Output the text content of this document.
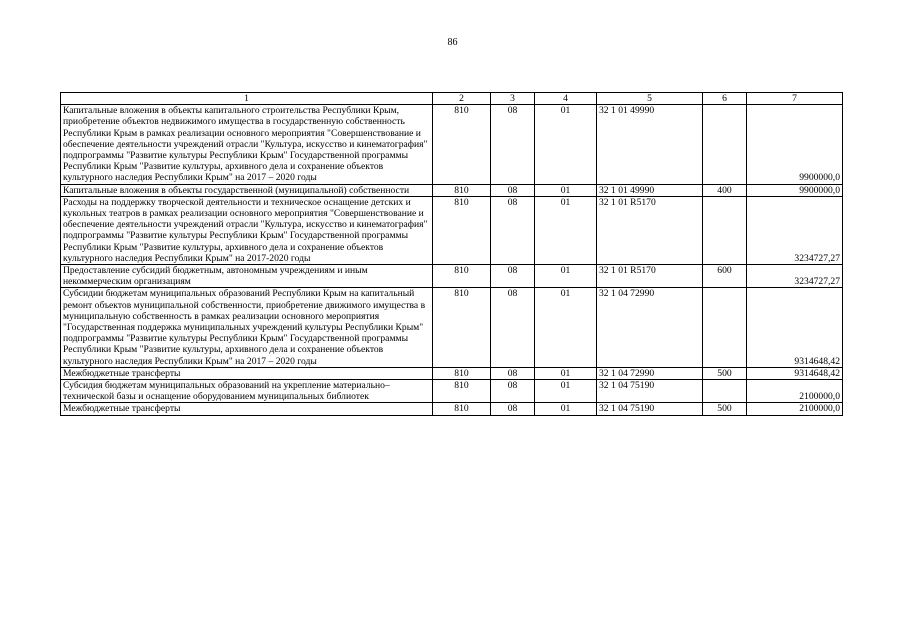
86
1	2	3	4	5	6	7
Капитальные вложения в объекты капитального строительства Республики Крым, приобретение объектов недвижимого имущества в государственную собственность Республики Крым в рамках реализации основного мероприятия "Совершенствование и обеспечение деятельности учреждений отрасли "Культура, искусство и кинематография" подпрограммы "Развитие культуры Республики Крым" Государственной программы Республики Крым "Развитие культуры, архивного дела и сохранение объектов культурного наследия Республики Крым" на 2017 – 2020 годы	810	08	01	32 1 01 49990		9900000,0
Капитальные вложения в объекты государственной (муниципальной) собственности	810	08	01	32 1 01 49990	400	9900000,0
Расходы на поддержку творческой деятельности и техническое оснащение детских и кукольных театров в рамках реализации основного мероприятия "Совершенствование и обеспечение деятельности учреждений отрасли "Культура, искусство и кинематография" подпрограммы "Развитие культуры Республики Крым" Государственной программы Республики Крым "Развитие культуры, архивного дела и сохранение объектов культурного наследия Республики Крым" на 2017-2020 годы	810	08	01	32 1 01 R5170		3234727,27
Предоставление субсидий бюджетным, автономным учреждениям и иным некоммерческим организациям	810	08	01	32 1 01 R5170	600	3234727,27
Субсидии бюджетам муниципальных образований Республики Крым на капитальный ремонт объектов муниципальной собственности, приобретение движимого имущества в муниципальную собственность в рамках реализации основного мероприятия "Государственная поддержка муниципальных учреждений культуры Республики Крым" подпрограммы "Развитие культуры Республики Крым" Государственной программы Республики Крым "Развитие культуры, архивного дела и сохранение объектов культурного наследия Республики Крым" на 2017 – 2020 годы	810	08	01	32 1 04 72990		9314648,42
Межбюджетные трансферты	810	08	01	32 1 04 72990	500	9314648,42
Субсидия бюджетам муниципальных образований на укрепление материально–технической базы и оснащение оборудованием муниципальных библиотек	810	08	01	32 1 04 75190		2100000,0
Межбюджетные трансферты	810	08	01	32 1 04 75190	500	2100000,0
